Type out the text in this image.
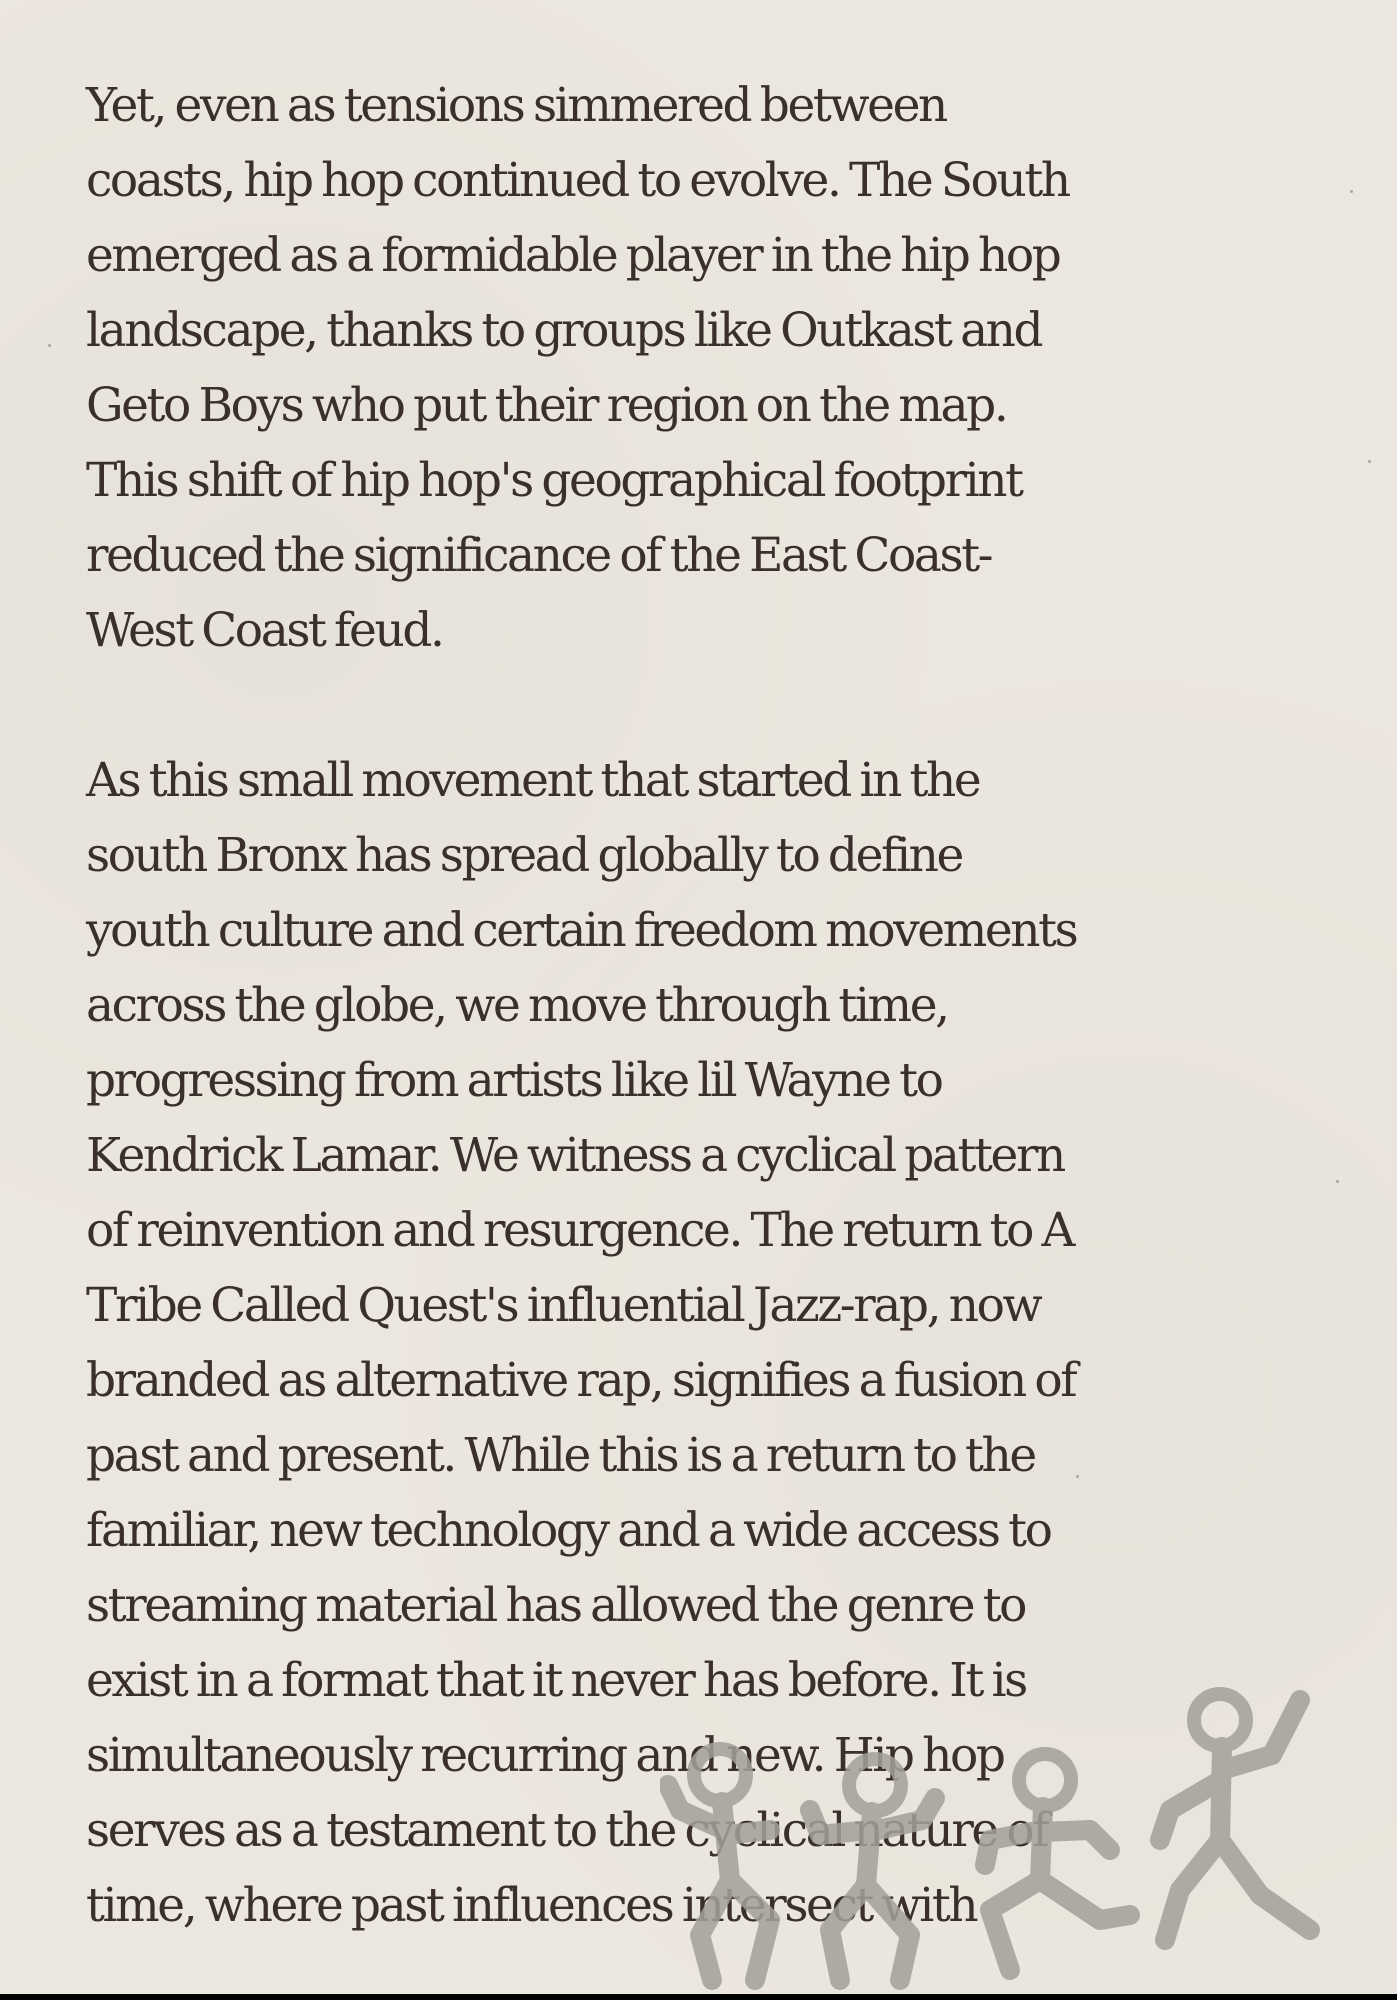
Yet, even as tensions simmered between
coasts, hip hop continued to evolve. The South
emerged as a formidable player in the hip hop
landscape, thanks to groups like Outkast and
Geto Boys who put their region on the map.
This shift of hip hop's geographical footprint
reduced the significance of the East Coast-
West Coast feud.

As this small movement that started in the
south Bronx has spread globally to define
youth culture and certain freedom movements
across the globe, we move through time,
progressing from artists like lil Wayne to
Kendrick Lamar. We witness a cyclical pattern
of reinvention and resurgence. The return to A
Tribe Called Quest's influential Jazz-rap, now
branded as alternative rap, signifies a fusion of
past and present. While this is a return to the
familiar, new technology and a wide access to
streaming material has allowed the genre to
exist in a format that it never has before. It is
simultaneously recurring and new. Hip hop
serves as a testament to the cyclical nature of
time, where past influences intersect with
